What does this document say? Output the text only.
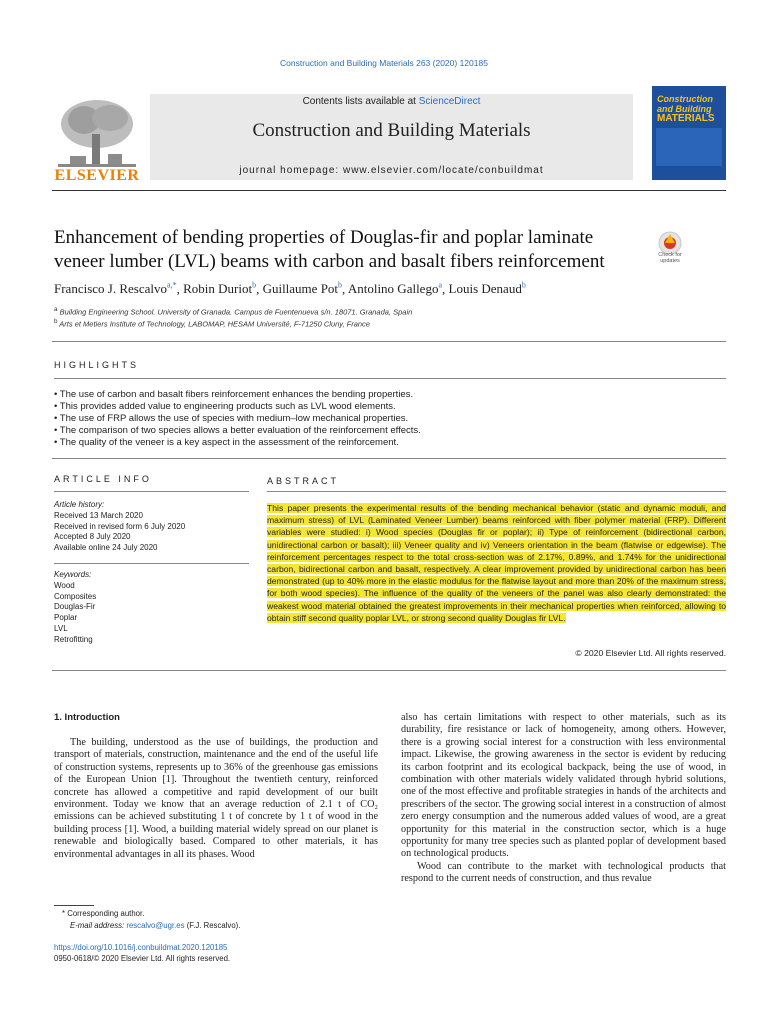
Construction and Building Materials 263 (2020) 120185
ELSEVIER
Contents lists available at ScienceDirect
Construction and Building Materials
journal homepage: www.elsevier.com/locate/conbuildmat
Construction
and Building
MATERIALS
Enhancement of bending properties of Douglas-fir and poplar laminate veneer lumber (LVL) beams with carbon and basalt fibers reinforcement	Check for updates
Francisco J. Rescalvo$^{a,*}$, Robin Duriot$^b$, Guillaume Pot$^b$, Antolino Gallego$^a$, Louis Denaud$^b$
$^a$ Building Engineering School. University of Granada. Campus de Fuentenueva s/n. 18071. Granada, Spain
$^b$ Arts et Metiers Institute of Technology, LABOMAP, HESAM Université, F-71250 Cluny, France
HIGHLIGHTS
• The use of carbon and basalt fibers reinforcement enhances the bending properties.
• This provides added value to engineering products such as LVL wood elements.
• The use of FRP allows the use of species with medium–low mechanical properties.
• The comparison of two species allows a better evaluation of the reinforcement effects.
• The quality of the veneer is a key aspect in the assessment of the reinforcement.
ARTICLE INFO
Article history:
Received 13 March 2020
Received in revised form 6 July 2020
Accepted 8 July 2020
Available online 24 July 2020
Keywords:
Wood
Composites
Douglas-Fir
Poplar
LVL
Retrofitting
ABSTRACT
This paper presents the experimental results of the bending mechanical behavior (static and dynamic moduli, and maximum stress) of LVL (Laminated Veneer Lumber) beams reinforced with fiber polymer material (FRP). Different variables were studied: i) Wood species (Douglas fir or poplar); ii) Type of reinforcement (bidirectional carbon, unidirectional carbon or basalt); iii) Veneer quality and iv) Veneers orientation in the beam (flatwise or edgewise). The reinforcement percentages respect to the total cross-section was of 2.17%, 0.89%, and 1.74% for the unidirectional carbon, bidirectional carbon and basalt, respectively. A clear improvement provided by unidirectional carbon has been demonstrated (up to 40% more in the elastic modulus for the flatwise layout and more than 20% of the maximum stress, for both wood species). The influence of the quality of the veneers of the panel was also clearly demonstrated: the weakest wood material obtained the greatest improvements in their mechanical properties when reinforced, allowing to obtain stiff second quality poplar LVL, or strong second quality Douglas fir LVL.
© 2020 Elsevier Ltd. All rights reserved.
1. Introduction

The building, understood as the use of buildings, the production and transport of materials, construction, maintenance and the end of the useful life of construction systems, represents up to 36% of the greenhouse gas emissions of the European Union [1]. Throughout the twentieth century, reinforced concrete has allowed a competitive and rapid development of our built environment. Today we know that an average reduction of 2.1 t of CO₂ emissions can be achieved substituting 1 t of concrete by 1 t of wood in the building process [1]. Wood, a building material widely spread on our planet is renewable and biologically based. Compared to other materials, it has environmental advantages in all its phases. Wood

also has certain limitations with respect to other materials, such as its durability, fire resistance or lack of homogeneity, among others. However, there is a growing social interest for a construction with less environmental impact. Likewise, the growing awareness in the sector is evident by reducing its carbon footprint and its ecological backpack, being the use of wood, in combination with other materials widely validated through hybrid solutions, one of the most effective and profitable strategies in hands of the architects and prescribers of the sector. The growing social interest in a construction of almost zero energy consumption and the numerous added values of wood, are a great opportunity for this material in the construction sector, which is a huge opportunity for many tree species such as planted poplar of development based on technological products.

Wood can contribute to the market with technological products that respond to the current needs of construction, and thus revalue

* Corresponding author.
E-mail address: rescalvo@ugr.es (F.J. Rescalvo).
https://doi.org/10.1016/j.conbuildmat.2020.120185
0950-0618/© 2020 Elsevier Ltd. All rights reserved.
